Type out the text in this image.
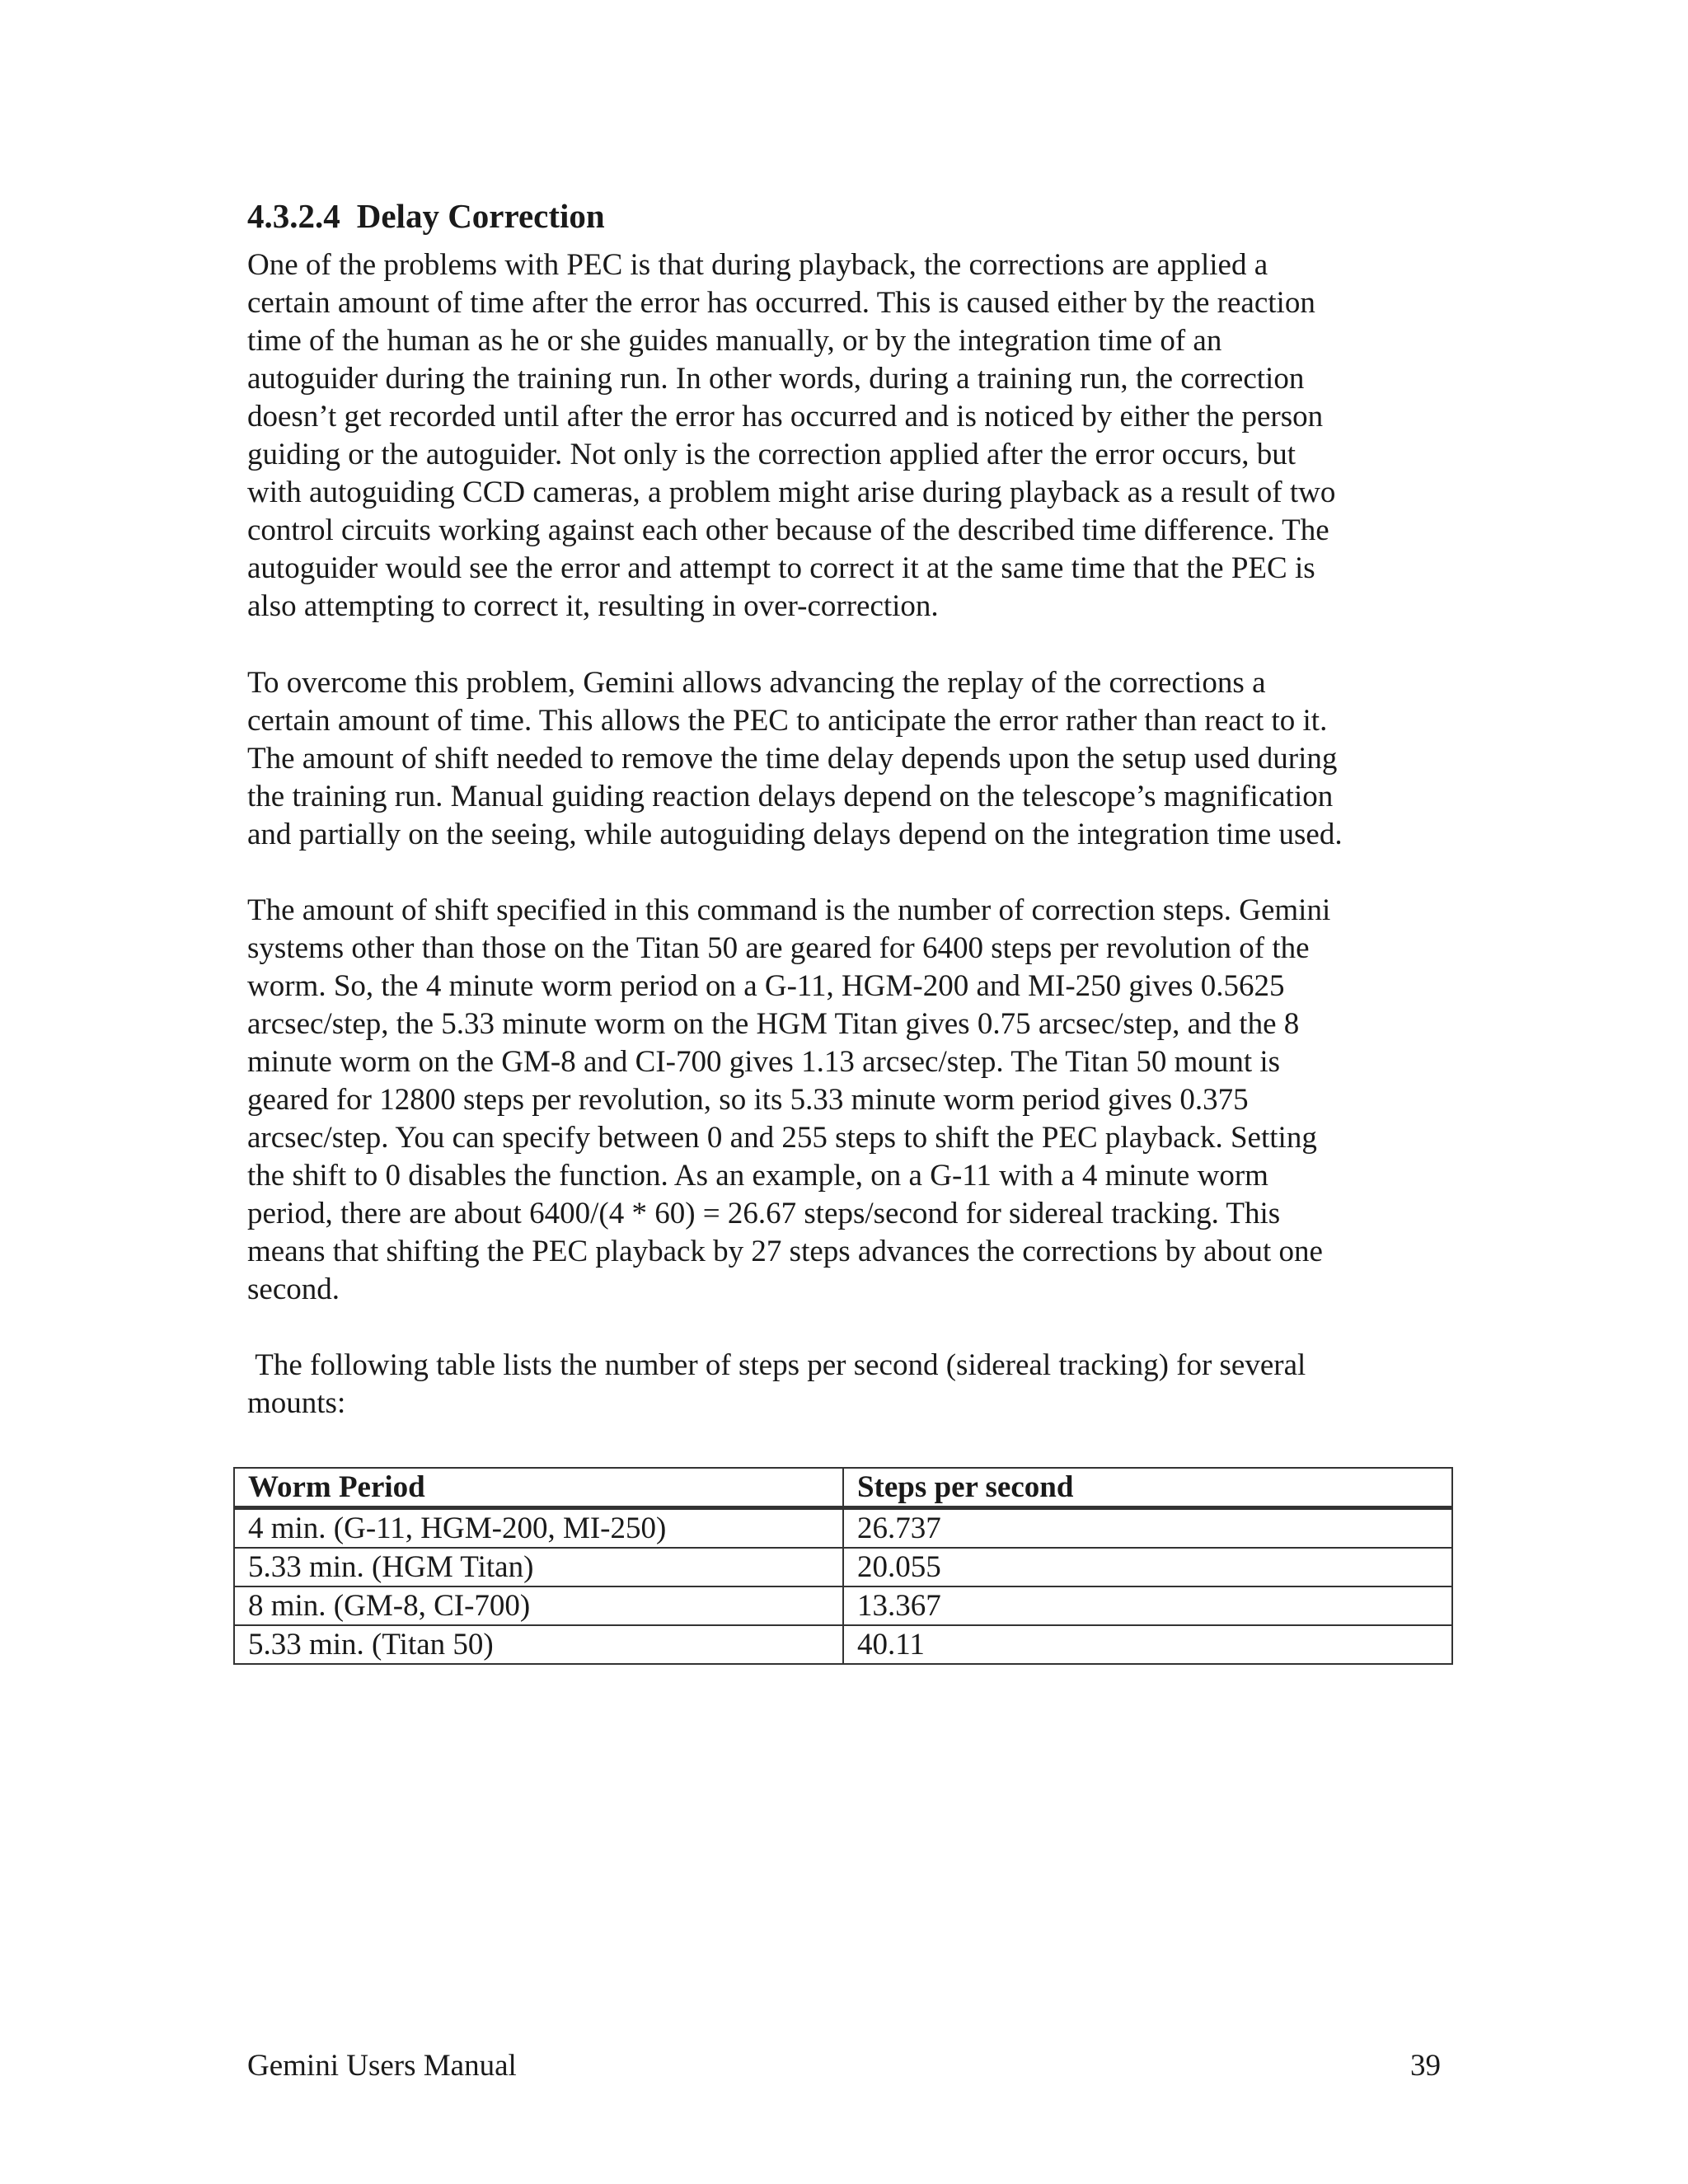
4.3.2.4 Delay Correction

One of the problems with PEC is that during playback, the corrections are applied a
certain amount of time after the error has occurred. This is caused either by the reaction
time of the human as he or she guides manually, or by the integration time of an
autoguider during the training run. In other words, during a training run, the correction
doesn’t get recorded until after the error has occurred and is noticed by either the person
guiding or the autoguider. Not only is the correction applied after the error occurs, but
with autoguiding CCD cameras, a problem might arise during playback as a result of two
control circuits working against each other because of the described time difference. The
autoguider would see the error and attempt to correct it at the same time that the PEC is
also attempting to correct it, resulting in over-correction.

To overcome this problem, Gemini allows advancing the replay of the corrections a
certain amount of time. This allows the PEC to anticipate the error rather than react to it.
The amount of shift needed to remove the time delay depends upon the setup used during
the training run. Manual guiding reaction delays depend on the telescope’s magnification
and partially on the seeing, while autoguiding delays depend on the integration time used.

The amount of shift specified in this command is the number of correction steps. Gemini
systems other than those on the Titan 50 are geared for 6400 steps per revolution of the
worm. So, the 4 minute worm period on a G-11, HGM-200 and MI-250 gives 0.5625
arcsec/step, the 5.33 minute worm on the HGM Titan gives 0.75 arcsec/step, and the 8
minute worm on the GM-8 and CI-700 gives 1.13 arcsec/step. The Titan 50 mount is
geared for 12800 steps per revolution, so its 5.33 minute worm period gives 0.375
arcsec/step. You can specify between 0 and 255 steps to shift the PEC playback. Setting
the shift to 0 disables the function. As an example, on a G-11 with a 4 minute worm
period, there are about 6400/(4 * 60) = 26.67 steps/second for sidereal tracking. This
means that shifting the PEC playback by 27 steps advances the corrections by about one
second.

The following table lists the number of steps per second (sidereal tracking) for several
mounts:

Worm Period	Steps per second
4 min. (G-11, HGM-200, MI-250)	26.737
5.33 min. (HGM Titan)	20.055
8 min. (GM-8, CI-700)	13.367
5.33 min. (Titan 50)	40.11
Gemini Users Manual	39
